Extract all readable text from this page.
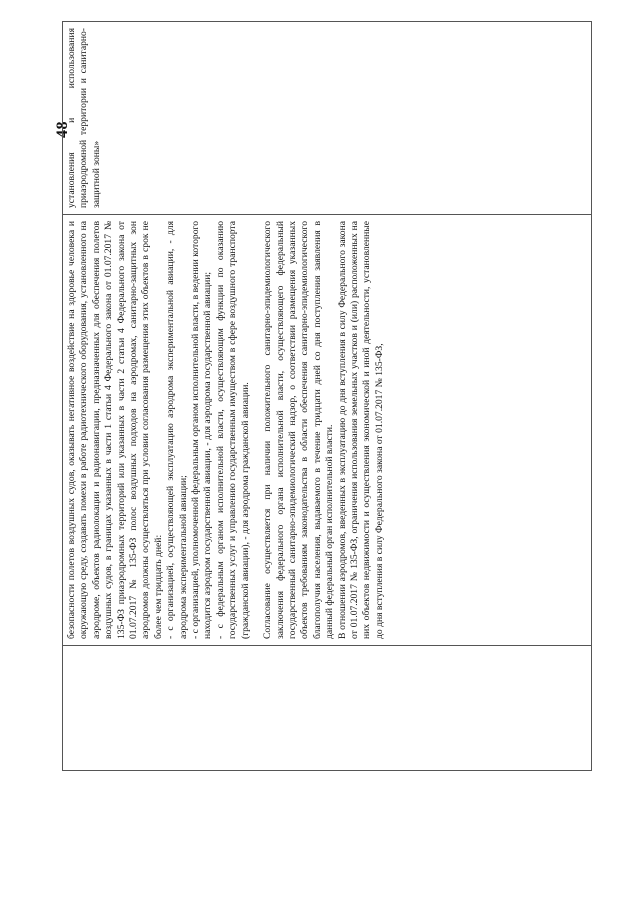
48

безопасности полетов воздушных судов, оказывать негативное воздействие на здоровье человека и окружающую среду, создавать помехи в работе радиотехнического оборудования, установленного на аэродроме, объектов радиолокации и радионавигации, предназначенных для обеспечения полетов воздушных судов, в границах указанных в части 1 статьи 4 Федерального закона от 01.07.2017 № 135-ФЗ приаэродромных территорий или указанных в части 2 статьи 4 Федерального закона от 01.07.2017 № 135-ФЗ полос воздушных подходов на аэродромах, санитарно-защитных зон аэродромов должны осуществляться при условии согласования размещения этих объектов в срок не более чем тридцать дней: - с организацией, осуществляющей эксплуатацию аэродрома экспериментальной авиации, - для аэродрома экспериментальной авиации; - с организацией, уполномоченной федеральным органом исполнительной власти, в ведении которого находится аэродром государственной авиации, - для аэродрома государственной авиации; - с федеральным органом исполнительной власти, осуществляющим функции по оказанию государственных услуг и управлению государственным имуществом в сфере воздушного транспорта (гражданской авиации), - для аэродрома гражданской авиации. Согласование осуществляется при наличии положительного санитарно-эпидемиологического заключения федерального органа исполнительной власти, осуществляющего федеральный государственный санитарно-эпидемиологический надзор, о соответствии размещения указанных объектов требованиям законодательства в области обеспечения санитарно-эпидемиологического благополучия населения, выдаваемого в течение тридцати дней со дня поступления заявления в данный федеральный орган исполнительной власти. В отношении аэродромов, введенных в эксплуатацию до дня вступления в силу Федерального закона от 01.07.2017 № 135-ФЗ, ограничения использования земельных участков и (или) расположенных на них объектов недвижимости и осуществления экономической и иной деятельности, установленные до дня вступления в силу Федерального закона от 01.07.2017 № 135-ФЗ,

установления и использования приаэродромной территории и санитарно-защитной зоны»
